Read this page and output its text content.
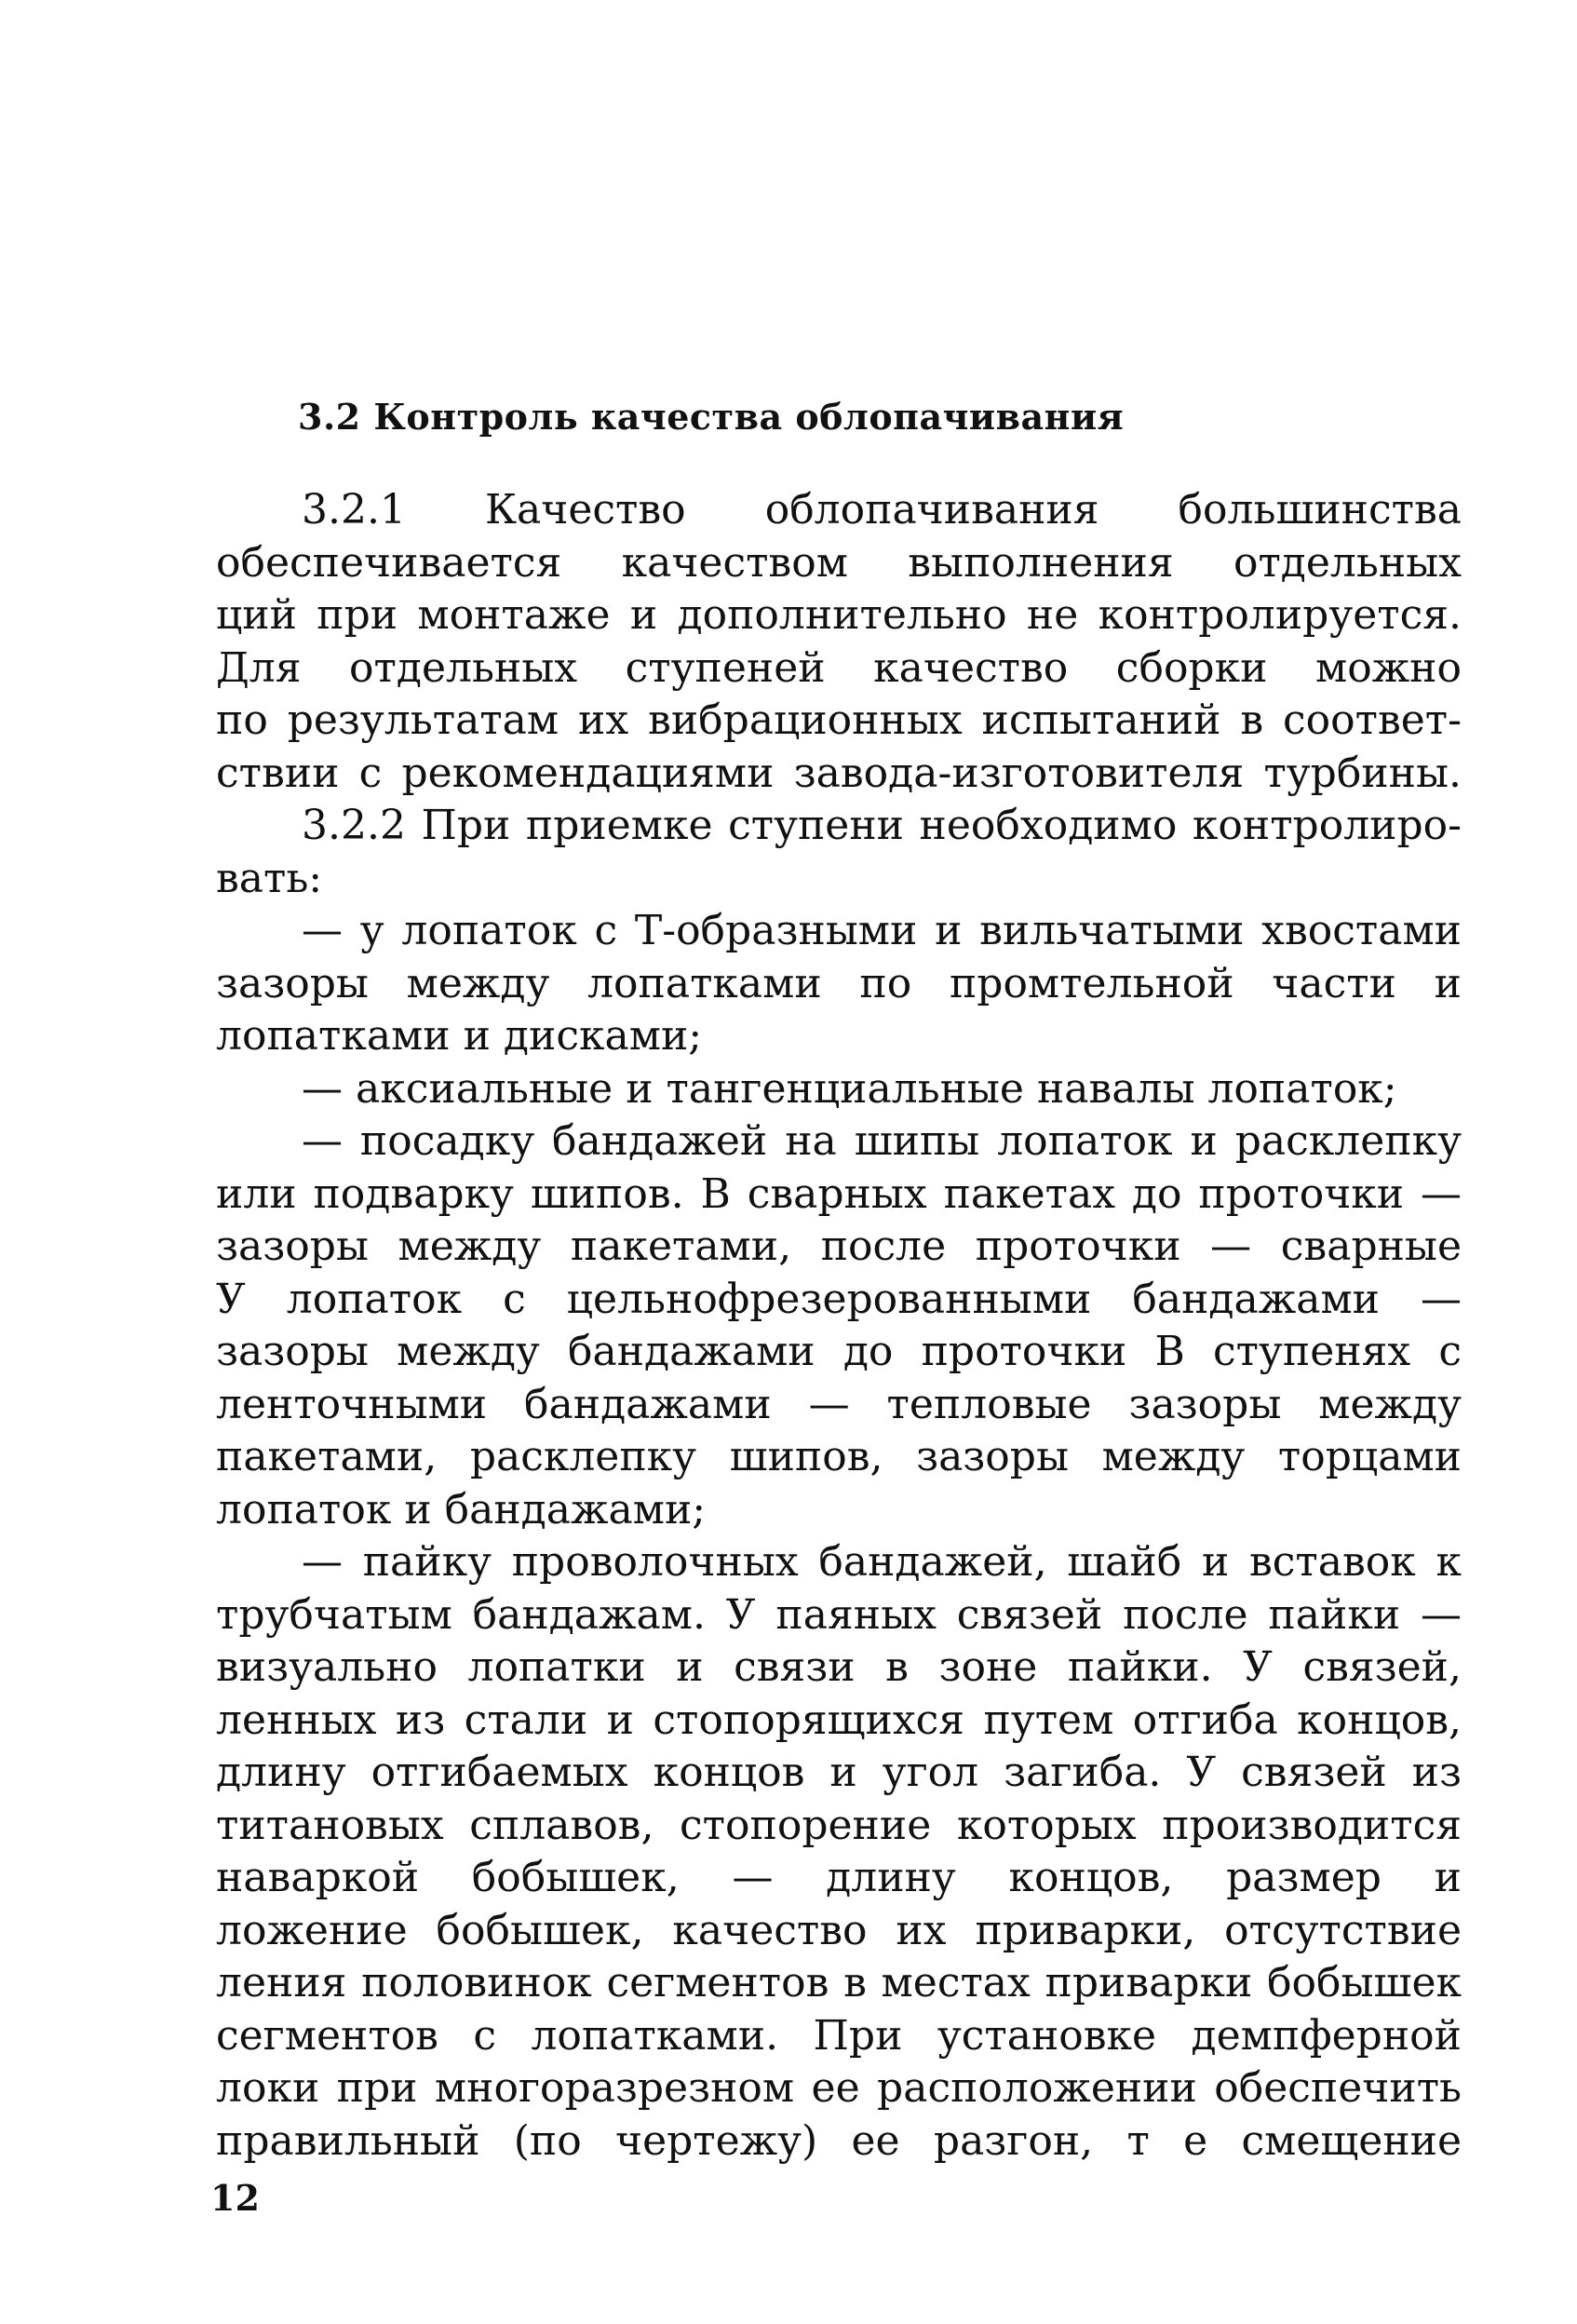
3.2 Контроль качества облопачивания
3.2.1 Качество облопачивания большинства
обеспечивается качеством выполнения отдельных
ций при монтаже и дополнительно не контролируется.
Для отдельных ступеней качество сборки можно
по результатам их вибрационных испытаний в соответ-
ствии с рекомендациями завода-изготовителя турбины.
3.2.2 При приемке ступени необходимо контролиро-
вать:
— у лопаток с Т-образными и вильчатыми хвостами
зазоры между лопатками по промтельной части и
лопатками и дисками;
— аксиальные и тангенциальные навалы лопаток;
— посадку бандажей на шипы лопаток и расклепку
или подварку шипов. В сварных пакетах до проточки —
зазоры между пакетами, после проточки — сварные
У лопаток с цельнофрезерованными бандажами —
зазоры между бандажами до проточки В ступенях с
ленточными бандажами — тепловые зазоры между
пакетами, расклепку шипов, зазоры между торцами
лопаток и бандажами;
— пайку проволочных бандажей, шайб и вставок к
трубчатым бандажам. У паяных связей после пайки —
визуально лопатки и связи в зоне пайки. У связей,
ленных из стали и стопорящихся путем отгиба концов,
длину отгибаемых концов и угол загиба. У связей из
титановых сплавов, стопорение которых производится
наваркой бобышек, — длину концов, размер и
ложение бобышек, качество их приварки, отсутствие
ления половинок сегментов в местах приварки бобышек
сегментов с лопатками. При установке демпферной
локи при многоразрезном ее расположении обеспечить
правильный (по чертежу) ее разгон, т е смещение

12
